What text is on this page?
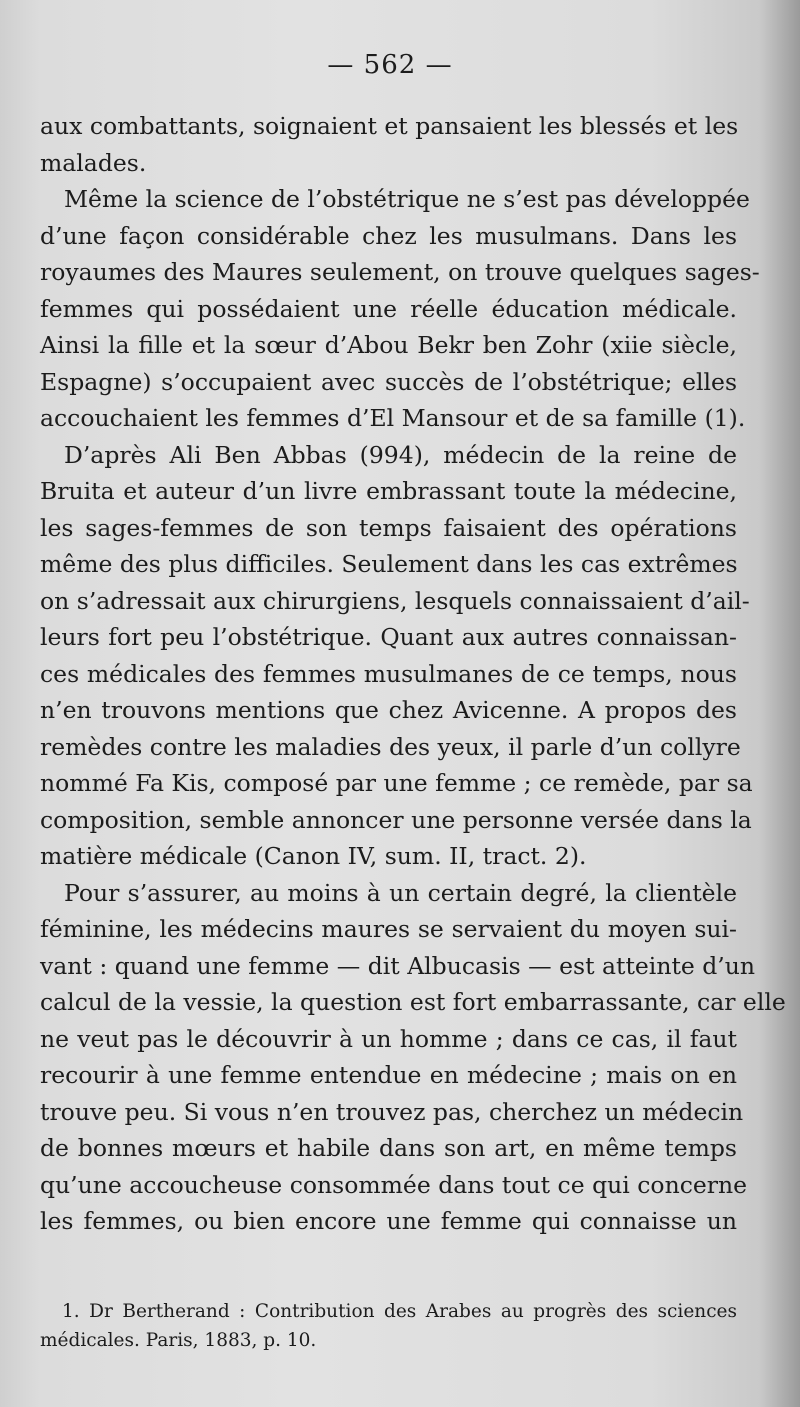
— 562 —
aux combattants, soignaient et pansaient les blessés et les
malades.
Même la science de l’obstétrique ne s’est pas développée
d’une façon considérable chez les musulmans. Dans les
royaumes des Maures seulement, on trouve quelques sages-
femmes qui possédaient une réelle éducation médicale.
Ainsi la fille et la sœur d’Abou Bekr ben Zohr (xiie siècle,
Espagne) s’occupaient avec succès de l’obstétrique; elles
accouchaient les femmes d’El Mansour et de sa famille (1).
D’après Ali Ben Abbas (994), médecin de la reine de
Bruita et auteur d’un livre embrassant toute la médecine,
les sages-femmes de son temps faisaient des opérations
même des plus difficiles. Seulement dans les cas extrêmes
on s’adressait aux chirurgiens, lesquels connaissaient d’ail-
leurs fort peu l’obstétrique. Quant aux autres connaissan-
ces médicales des femmes musulmanes de ce temps, nous
n’en trouvons mentions que chez Avicenne. A propos des
remèdes contre les maladies des yeux, il parle d’un collyre
nommé Fa Kis, composé par une femme ; ce remède, par sa
composition, semble annoncer une personne versée dans la
matière médicale (Canon IV, sum. II, tract. 2).
Pour s’assurer, au moins à un certain degré, la clientèle
féminine, les médecins maures se servaient du moyen sui-
vant : quand une femme — dit Albucasis — est atteinte d’un
calcul de la vessie, la question est fort embarrassante, car elle
ne veut pas le découvrir à un homme ; dans ce cas, il faut
recourir à une femme entendue en médecine ; mais on en
trouve peu. Si vous n’en trouvez pas, cherchez un médecin
de bonnes mœurs et habile dans son art, en même temps
qu’une accoucheuse consommée dans tout ce qui concerne
les femmes, ou bien encore une femme qui connaisse un
1. Dr Bertherand : Contribution des Arabes au progrès des sciences
médicales. Paris, 1883, p. 10.
